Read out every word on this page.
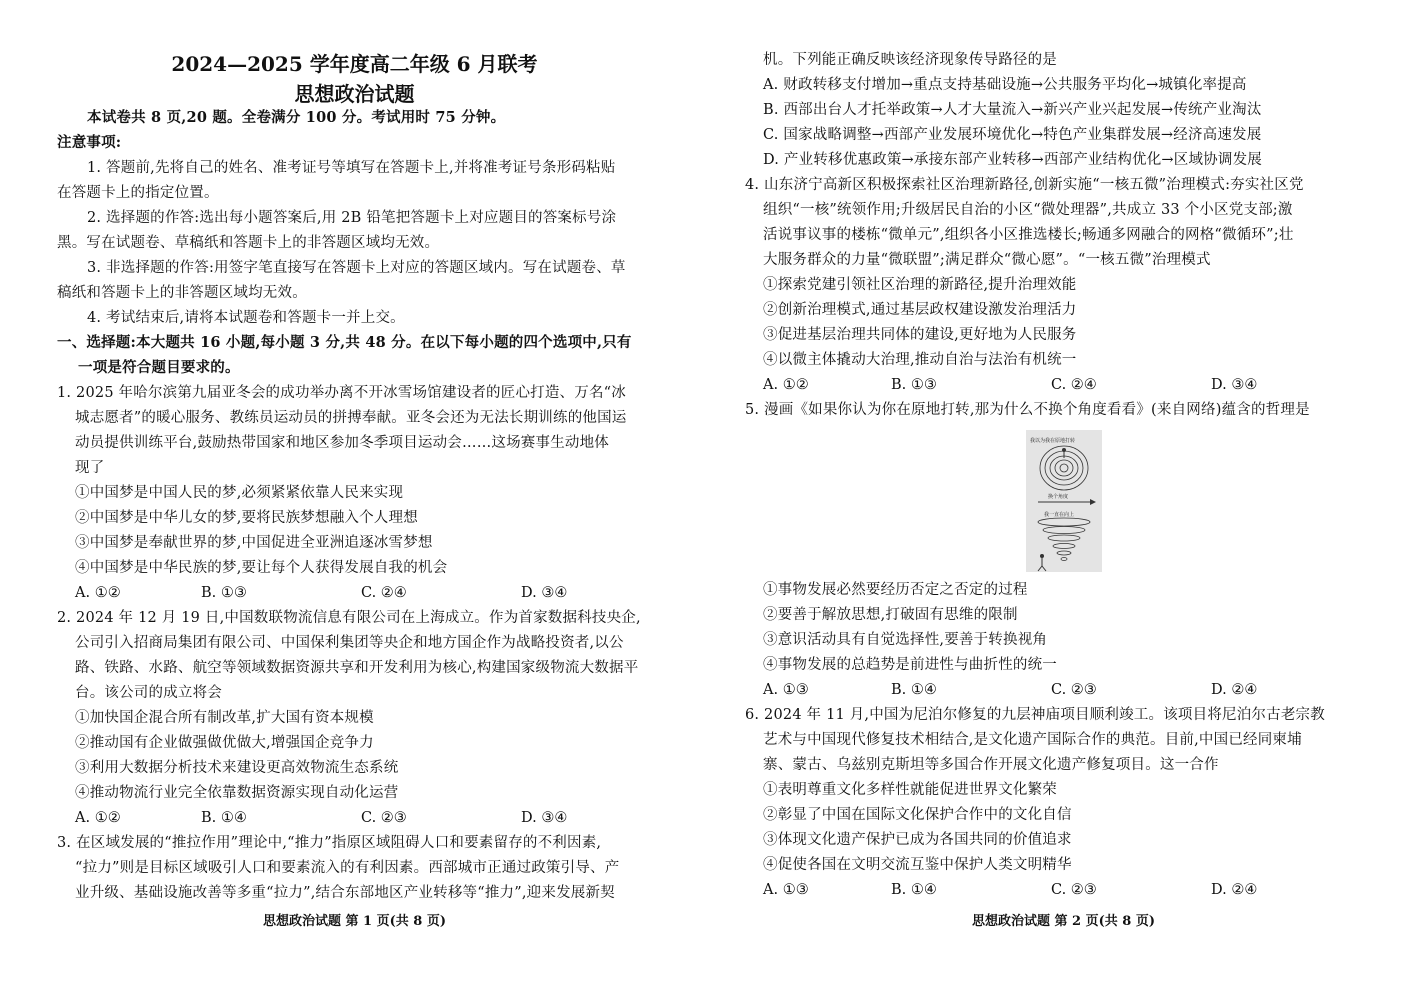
2024—2025 学年度高二年级 6 月联考
思想政治试题
本试卷共 8 页,20 题。全卷满分 100 分。考试用时 75 分钟。
注意事项:
1. 答题前,先将自己的姓名、准考证号等填写在答题卡上,并将准考证号条形码粘贴
在答题卡上的指定位置。
2. 选择题的作答:选出每小题答案后,用 2B 铅笔把答题卡上对应题目的答案标号涂
黑。写在试题卷、草稿纸和答题卡上的非答题区域均无效。
3. 非选择题的作答:用签字笔直接写在答题卡上对应的答题区域内。写在试题卷、草
稿纸和答题卡上的非答题区域均无效。
4. 考试结束后,请将本试题卷和答题卡一并上交。
一、选择题:本大题共 16 小题,每小题 3 分,共 48 分。在以下每小题的四个选项中,只有
一项是符合题目要求的。
1. 2025 年哈尔滨第九届亚冬会的成功举办离不开冰雪场馆建设者的匠心打造、万名“冰
城志愿者”的暖心服务、教练员运动员的拼搏奉献。亚冬会还为无法长期训练的他国运
动员提供训练平台,鼓励热带国家和地区参加冬季项目运动会……这场赛事生动地体
现了
①中国梦是中国人民的梦,必须紧紧依靠人民来实现
②中国梦是中华儿女的梦,要将民族梦想融入个人理想
③中国梦是奉献世界的梦,中国促进全亚洲追逐冰雪梦想
④中国梦是中华民族的梦,要让每个人获得发展自我的机会
A. ①②	B. ①③	C. ②④	D. ③④
2. 2024 年 12 月 19 日,中国数联物流信息有限公司在上海成立。作为首家数据科技央企,
公司引入招商局集团有限公司、中国保利集团等央企和地方国企作为战略投资者,以公
路、铁路、水路、航空等领域数据资源共享和开发利用为核心,构建国家级物流大数据平
台。该公司的成立将会
①加快国企混合所有制改革,扩大国有资本规模
②推动国有企业做强做优做大,增强国企竞争力
③利用大数据分析技术来建设更高效物流生态系统
④推动物流行业完全依靠数据资源实现自动化运营
A. ①②	B. ①④	C. ②③	D. ③④
3. 在区域发展的“推拉作用”理论中,“推力”指原区域阻碍人口和要素留存的不利因素,
“拉力”则是目标区域吸引人口和要素流入的有利因素。西部城市正通过政策引导、产
业升级、基础设施改善等多重“拉力”,结合东部地区产业转移等“推力”,迎来发展新契
思想政治试题 第 1 页(共 8 页)
机。下列能正确反映该经济现象传导路径的是
A. 财政转移支付增加→重点支持基础设施→公共服务平均化→城镇化率提高
B. 西部出台人才托举政策→人才大量流入→新兴产业兴起发展→传统产业淘汰
C. 国家战略调整→西部产业发展环境优化→特色产业集群发展→经济高速发展
D. 产业转移优惠政策→承接东部产业转移→西部产业结构优化→区域协调发展
4. 山东济宁高新区积极探索社区治理新路径,创新实施“一核五微”治理模式:夯实社区党
组织“一核”统领作用;升级居民自治的小区“微处理器”,共成立 33 个小区党支部;激
活说事议事的楼栋“微单元”,组织各小区推选楼长;畅通多网融合的网格“微循环”;壮
大服务群众的力量“微联盟”;满足群众“微心愿”。“一核五微”治理模式
①探索党建引领社区治理的新路径,提升治理效能
②创新治理模式,通过基层政权建设激发治理活力
③促进基层治理共同体的建设,更好地为人民服务
④以微主体撬动大治理,推动自治与法治有机统一
A. ①②	B. ①③	C. ②④	D. ③④
5. 漫画《如果你认为你在原地打转,那为什么不换个角度看看》(来自网络)蕴含的哲理是
我以为我在原地打转
换个角度
我一直在向上
①事物发展必然要经历否定之否定的过程
②要善于解放思想,打破固有思维的限制
③意识活动具有自觉选择性,要善于转换视角
④事物发展的总趋势是前进性与曲折性的统一
A. ①③	B. ①④	C. ②③	D. ②④
6. 2024 年 11 月,中国为尼泊尔修复的九层神庙项目顺利竣工。该项目将尼泊尔古老宗教
艺术与中国现代修复技术相结合,是文化遗产国际合作的典范。目前,中国已经同柬埔
寨、蒙古、乌兹别克斯坦等多国合作开展文化遗产修复项目。这一合作
①表明尊重文化多样性就能促进世界文化繁荣
②彰显了中国在国际文化保护合作中的文化自信
③体现文化遗产保护已成为各国共同的价值追求
④促使各国在文明交流互鉴中保护人类文明精华
A. ①③	B. ①④	C. ②③	D. ②④
思想政治试题 第 2 页(共 8 页)
